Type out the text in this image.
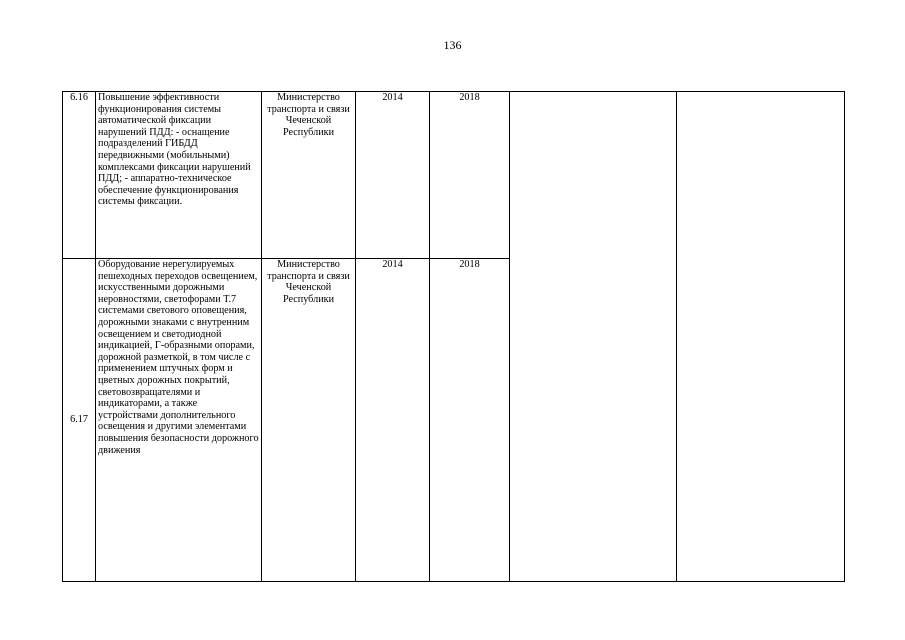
136
6.16	Повышение эффективности функционирования системы автоматической фиксации нарушений ПДД: - оснащение подразделений ГИБДД передвижными (мобильными) комплексами фиксации нарушений ПДД; - аппаратно-техническое обеспечение функционирования системы фиксации.	Министерство транспорта и связи Чеченской Республики	2014	2018		
6.17	Оборудование нерегулируемых пешеходных переходов освещением, искусственными дорожными неровностями, светофорами Т.7 системами светового оповещения, дорожными знаками с внутренним освещением и светодиодной индикацией, Г-образными опорами, дорожной разметкой, в том числе с применением штучных форм и цветных дорожных покрытий, световозвращателями и индикаторами, а также устройствами дополнительного освещения и другими элементами повышения безопасности дорожного движения	Министерство транспорта и связи Чеченской Республики	2014	2018		
